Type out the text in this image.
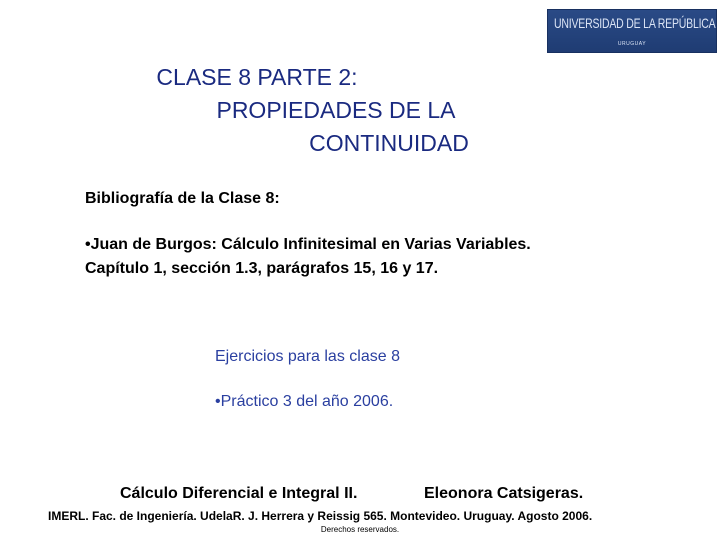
UNIVERSIDAD DE LA REPÚBLICA
URUGUAY
CLASE 8 PARTE 2:
PROPIEDADES DE LA
CONTINUIDAD
Bibliografía de la Clase 8:
•Juan de Burgos: Cálculo Infinitesimal en Varias Variables.
Capítulo 1, sección 1.3, parágrafos 15, 16 y 17.
Ejercicios para las clase 8
•Práctico 3 del año 2006.
Cálculo Diferencial e Integral II.	Eleonora Catsigeras.
IMERL. Fac. de Ingeniería. UdelaR. J. Herrera y Reissig 565. Montevideo. Uruguay. Agosto 2006.
Derechos reservados.
